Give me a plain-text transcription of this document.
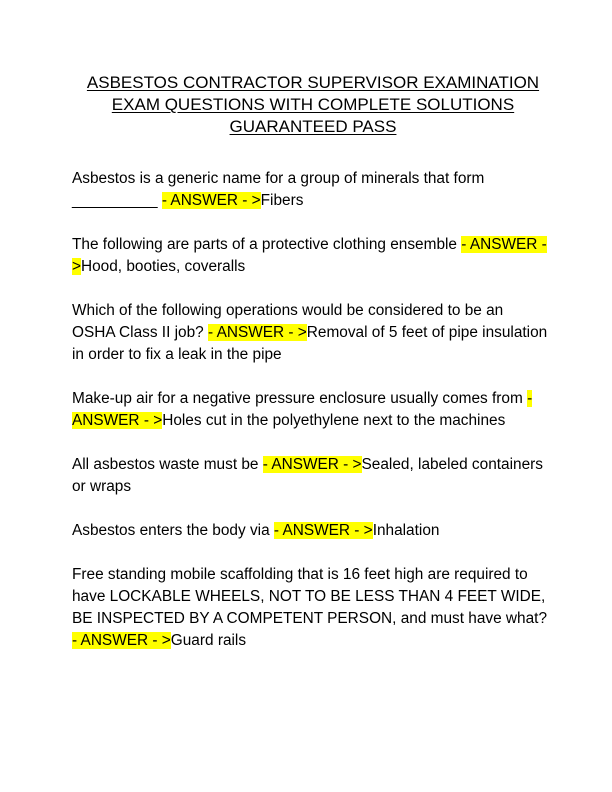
ASBESTOS CONTRACTOR SUPERVISOR EXAMINATION
EXAM QUESTIONS WITH COMPLETE SOLUTIONS
GUARANTEED PASS

Asbestos is a generic name for a group of minerals that form __________ - ANSWER - >Fibers

The following are parts of a protective clothing ensemble - ANSWER - >Hood, booties, coveralls

Which of the following operations would be considered to be an OSHA Class II job? - ANSWER - >Removal of 5 feet of pipe insulation in order to fix a leak in the pipe

Make-up air for a negative pressure enclosure usually comes from - ANSWER - >Holes cut in the polyethylene next to the machines

All asbestos waste must be - ANSWER - >Sealed, labeled containers or wraps

Asbestos enters the body via - ANSWER - >Inhalation

Free standing mobile scaffolding that is 16 feet high are required to have LOCKABLE WHEELS, NOT TO BE LESS THAN 4 FEET WIDE, BE INSPECTED BY A COMPETENT PERSON, and must have what? - ANSWER - >Guard rails
